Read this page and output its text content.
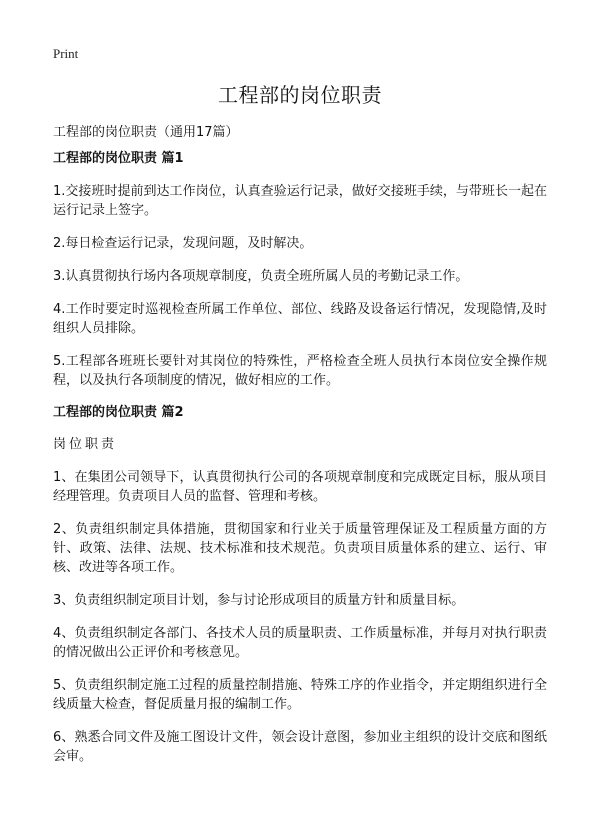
Print
工程部的岗位职责
工程部的岗位职责（通用17篇）
工程部的岗位职责 篇1

1.交接班时提前到达工作岗位，认真查验运行记录，做好交接班手续，与带班长一起在运行记录上签字。

2.每日检查运行记录，发现问题，及时解决。

3.认真贯彻执行场内各项规章制度，负责全班所属人员的考勤记录工作。

4.工作时要定时巡视检查所属工作单位、部位、线路及设备运行情况，发现隐情,及时组织人员排除。

5.工程部各班班长要针对其岗位的特殊性，严格检查全班人员执行本岗位安全操作规程，以及执行各项制度的情况，做好相应的工作。

工程部的岗位职责 篇2
岗位职责

1、在集团公司领导下，认真贯彻执行公司的各项规章制度和完成既定目标，服从项目经理管理。负责项目人员的监督、管理和考核。

2、负责组织制定具体措施，贯彻国家和行业关于质量管理保证及工程质量方面的方针、政策、法律、法规、技术标准和技术规范。负责项目质量体系的建立、运行、审核、改进等各项工作。

3、负责组织制定项目计划，参与讨论形成项目的质量方针和质量目标。

4、负责组织制定各部门、各技术人员的质量职责、工作质量标准，并每月对执行职责的情况做出公正评价和考核意见。

5、负责组织制定施工过程的质量控制措施、特殊工序的作业指令，并定期组织进行全线质量大检查，督促质量月报的编制工作。

6、熟悉合同文件及施工图设计文件，领会设计意图，参加业主组织的设计交底和图纸会审。
